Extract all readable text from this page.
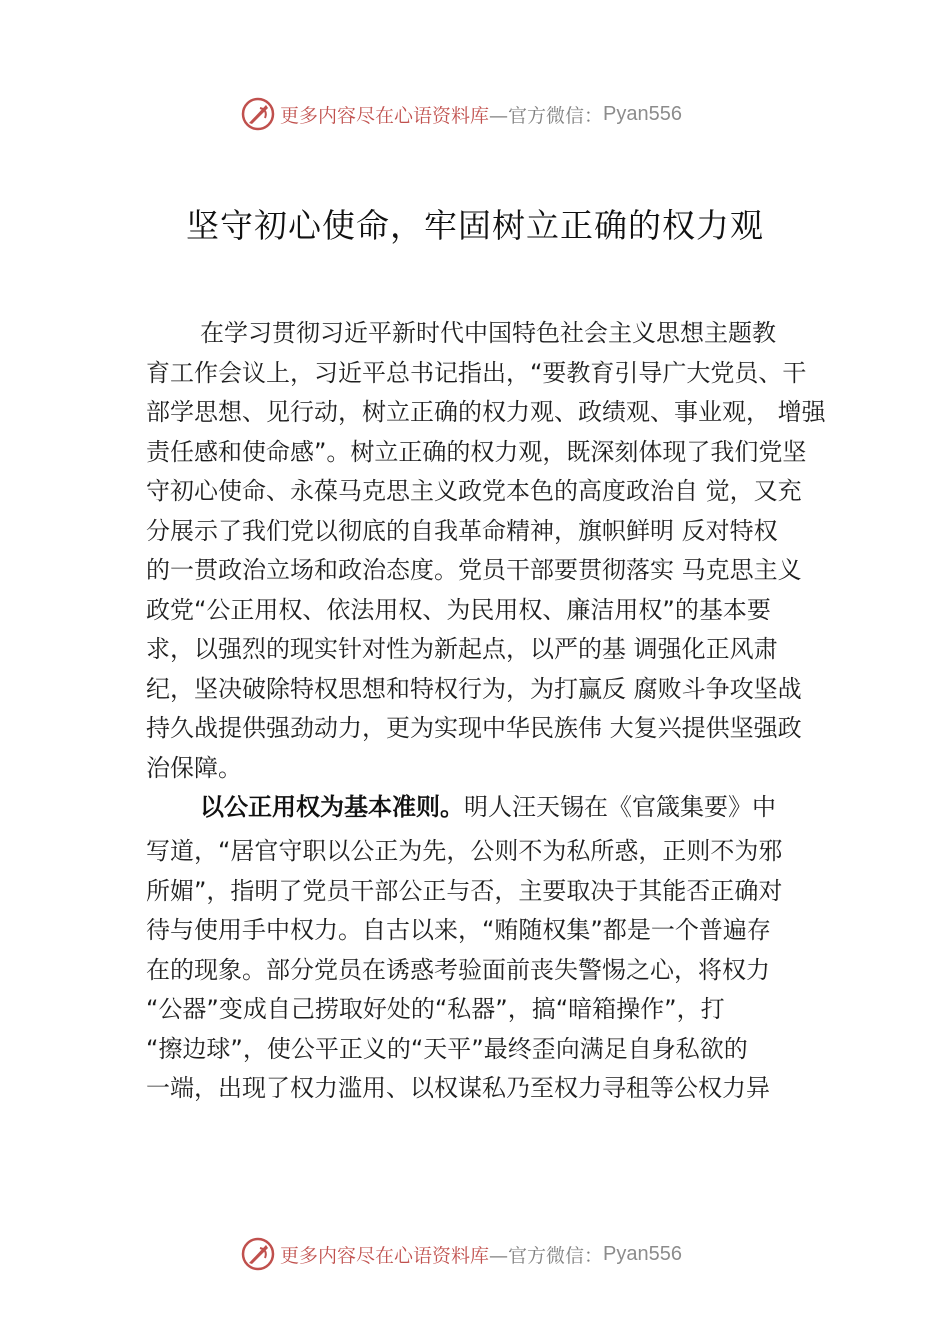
更多内容尽在心语资料库 —官方微信： Pyan556
坚守初心使命，牢固树立正确的权力观
在学习贯彻习近平新时代中国特色社会主义思想主题教
育工作会议上，习近平总书记指出，“要教育引导广大党员、干
部学思想、见行动，树立正确的权力观、政绩观、事业观， 增强
责任感和使命感”。树立正确的权力观，既深刻体现了我们党坚
守初心使命、永葆马克思主义政党本色的高度政治自 觉，又充
分展示了我们党以彻底的自我革命精神，旗帜鲜明 反对特权
的一贯政治立场和政治态度。党员干部要贯彻落实 马克思主义
政党“公正用权、依法用权、为民用权、廉洁用权”的基本要
求，以强烈的现实针对性为新起点，以严的基 调强化正风肃
纪，坚决破除特权思想和特权行为，为打赢反 腐败斗争攻坚战
持久战提供强劲动力，更为实现中华民族伟 大复兴提供坚强政
治保障。
以公正用权为基本准则。明人汪天锡在《官箴集要》中
写道，“居官守职以公正为先，公则不为私所惑，正则不为邪
所媚”，指明了党员干部公正与否，主要取决于其能否正确对
待与使用手中权力。自古以来，“贿随权集”都是一个普遍存
在的现象。部分党员在诱惑考验面前丧失警惕之心，将权力
“公器”变成自己捞取好处的“私器”，搞“暗箱操作”，打
“擦边球”，使公平正义的“天平”最终歪向满足自身私欲的
一端，出现了权力滥用、以权谋私乃至权力寻租等公权力异
更多内容尽在心语资料库 —官方微信： Pyan556
